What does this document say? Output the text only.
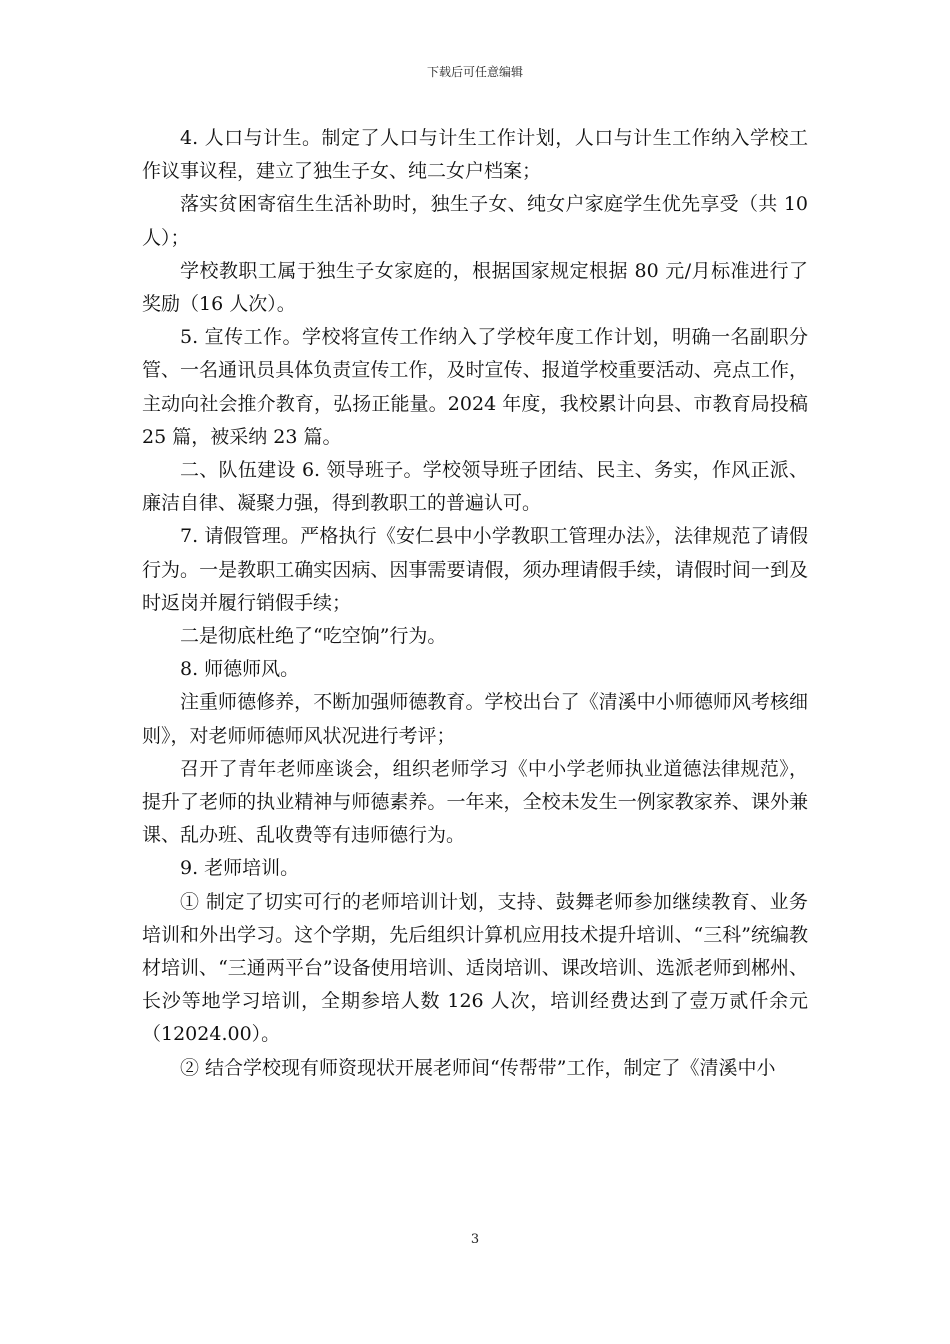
下载后可任意编辑

4. 人口与计生。制定了人口与计生工作计划，人口与计生工作纳入学校工作议事议程，建立了独生子女、纯二女户档案；

落实贫困寄宿生生活补助时，独生子女、纯女户家庭学生优先享受（共 10 人）；

学校教职工属于独生子女家庭的，根据国家规定根据 80 元/月标准进行了奖励（16 人次）。

5. 宣传工作。学校将宣传工作纳入了学校年度工作计划，明确一名副职分管、一名通讯员具体负责宣传工作，及时宣传、报道学校重要活动、亮点工作，主动向社会推介教育，弘扬正能量。2024 年度，我校累计向县、市教育局投稿 25 篇，被采纳 23 篇。

二、队伍建设 6. 领导班子。学校领导班子团结、民主、务实，作风正派、廉洁自律、凝聚力强，得到教职工的普遍认可。

7. 请假管理。严格执行《安仁县中小学教职工管理办法》，法律规范了请假行为。一是教职工确实因病、因事需要请假，须办理请假手续，请假时间一到及时返岗并履行销假手续；

二是彻底杜绝了“吃空饷”行为。

8. 师德师风。

注重师德修养，不断加强师德教育。学校出台了《清溪中小师德师风考核细则》，对老师师德师风状况进行考评；

召开了青年老师座谈会，组织老师学习《中小学老师执业道德法律规范》，提升了老师的执业精神与师德素养。一年来，全校未发生一例家教家养、课外兼课、乱办班、乱收费等有违师德行为。

9. 老师培训。

① 制定了切实可行的老师培训计划，支持、鼓舞老师参加继续教育、业务培训和外出学习。这个学期，先后组织计算机应用技术提升培训、“三科”统编教材培训、“三通两平台”设备使用培训、适岗培训、课改培训、选派老师到郴州、长沙等地学习培训，全期参培人数 126 人次，培训经费达到了壹万贰仟余元（12024.00）。

② 结合学校现有师资现状开展老师间“传帮带”工作，制定了《清溪中小

3
